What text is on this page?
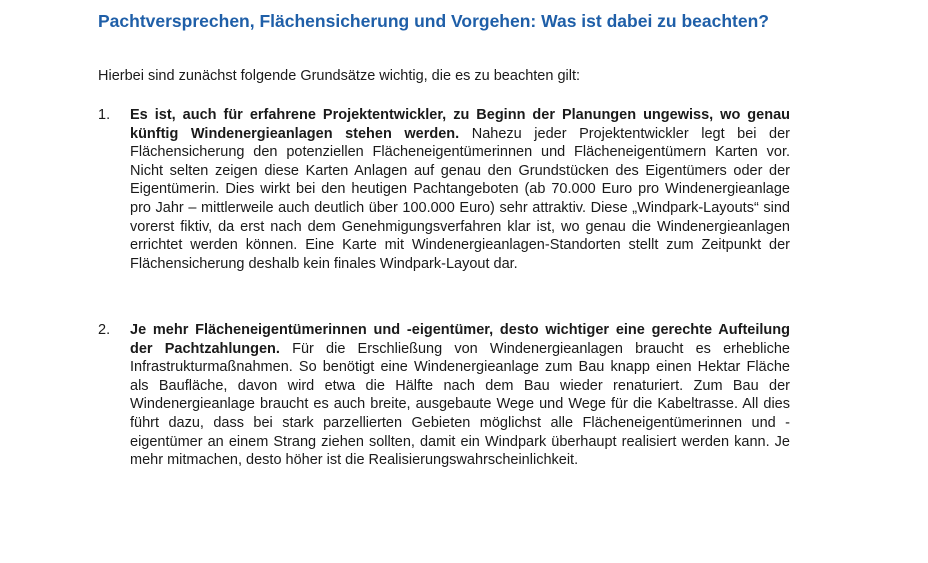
Pachtversprechen, Flächensicherung und Vorgehen: Was ist dabei zu beachten?

Hierbei sind zunächst folgende Grundsätze wichtig, die es zu beachten gilt:

1.	Es ist, auch für erfahrene Projektentwickler, zu Beginn der Planungen ungewiss, wo genau künftig Windenergieanlagen stehen werden. Nahezu jeder Projektentwickler legt bei der Flächensicherung den potenziellen Flächeneigentümerinnen und Flächeneigentümern Karten vor. Nicht selten zeigen diese Karten Anlagen auf genau den Grundstücken des Eigentümers oder der Eigentümerin. Dies wirkt bei den heutigen Pachtangeboten (ab 70.000 Euro pro Windenergieanlage pro Jahr – mittlerweile auch deutlich über 100.000 Euro) sehr attraktiv. Diese „Windpark-Layouts“ sind vorerst fiktiv, da erst nach dem Genehmigungsverfahren klar ist, wo genau die Windenergieanlagen errichtet werden können. Eine Karte mit Windenergieanlagen-Standorten stellt zum Zeitpunkt der Flächensicherung deshalb kein finales Windpark-Layout dar.

2.	Je mehr Flächeneigentümerinnen und -eigentümer, desto wichtiger eine gerechte Aufteilung der Pachtzahlungen. Für die Erschließung von Windenergieanlagen braucht es erhebliche Infrastrukturmaßnahmen. So benötigt eine Windenergieanlage zum Bau knapp einen Hektar Fläche als Baufläche, davon wird etwa die Hälfte nach dem Bau wieder renaturiert. Zum Bau der Windenergieanlage braucht es auch breite, ausgebaute Wege und Wege für die Kabeltrasse. All dies führt dazu, dass bei stark parzellierten Gebieten möglichst alle Flächeneigentümerinnen und -eigentümer an einem Strang ziehen sollten, damit ein Windpark überhaupt realisiert werden kann. Je mehr mitmachen, desto höher ist die Realisierungswahrscheinlichkeit.
